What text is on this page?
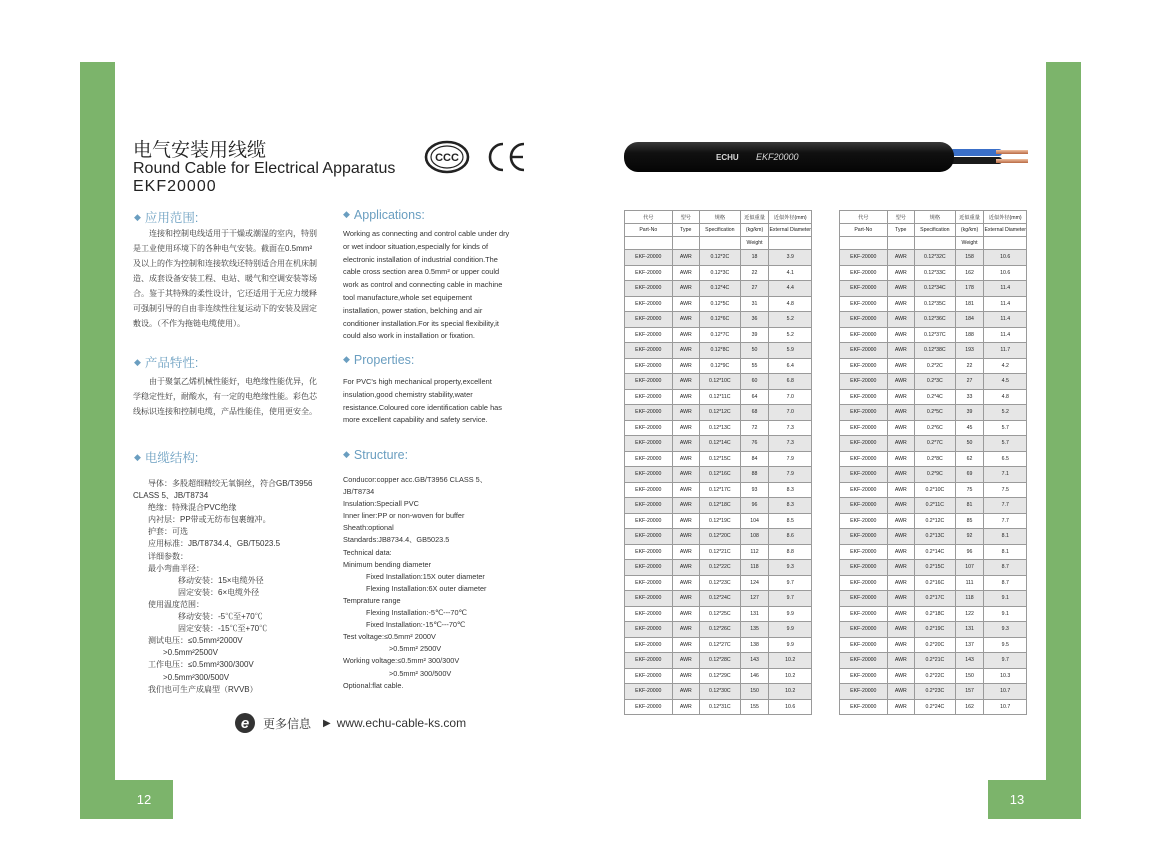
12	13
电气安装用线缆
Round Cable for Electrical Apparatus
EKF20000
CCC
◆ 应用范围:	◆ Applications:
◆ 产品特性:	◆ Properties:
◆ 电缆结构:	◆ Structure:
连接和控制电线适用于干燥或潮湿的室内，特别
是工业使用环境下的各种电气安装。截面在0.5mm²
及以上的作为控制和连接软线还特别适合用在机床制
造、成套设备安装工程、电站、暖气和空调安装等场
合。鉴于其特殊的柔性设计，它还适用于无应力缓释
可强制引导的自由非连续性往复运动下的安装及固定
敷设。（不作为拖链电缆使用）。
Working as connecting and control cable under dry
or wet indoor situation,especially for kinds of
electronic installation of industrial condition.The
cable cross section area 0.5mm² or upper could
work as control and connecting cable in machine
tool manufacture,whole set equipement
installation, power station, belching and air
conditioner installation.For its special flexibility,it
could also work in installation or fixation.
由于聚氯乙烯机械性能好，电绝缘性能优异，化
学稳定性好，耐酸水，有一定的电绝缘性能。彩色芯
线标识连接和控制电缆，产品性能佳，使用更安全。
For PVC's high mechanical property,excellent
insulation,good chemistry stability,water
resistance.Coloured core identification cable has
more excellent capability and safety service.
导体：多股超细精绞无氧铜丝，符合GB/T3956
CLASS 5、JB/T8734
绝缘：特殊混合PVC绝缘
内衬层：PP带或无纺布包裹缠冲。
护套：可选
应用标准：JB/T8734.4、GB/T5023.5
详细参数：
最小弯曲半径：
移动安装：15×电缆外径
固定安装：6×电缆外径
使用温度范围：
移动安装：-5℃至+70℃
固定安装：-15℃至+70℃
测试电压：≤0.5mm²2000V
>0.5mm²2500V
工作电压：≤0.5mm²300/300V
>0.5mm²300/500V
我们也可生产成扁型（RVVB）
Conducor:copper acc.GB/T3956 CLASS 5、
JB/T8734
Insulation:Speciall PVC
Inner liner:PP or non-woven for buffer
Sheath:optional
Standards:JB8734.4、GB5023.5
Technical data:
Minimum bending diameter
Fixed Installation:15X outer diameter
Flexing Installation:6X outer diameter
Temprature range
Flexing Installation:-5℃---70℃
Fixed Installation:-15℃---70℃
Test voltage:≤0.5mm² 2000V
>0.5mm² 2500V
Working voltage:≤0.5mm² 300/300V
>0.5mm² 300/500V
Optional:flat cable.
e 更多信息 ▶ www.echu-cable-ks.com
ECHU EKF20000
代号	型号	规格	近似重量	近似外径(mm)
Part-No	Type	Specification	(kg/km)	External Diameter
			Weight	
EKF-20000	AWR	0.12*2C	18	3.9
EKF-20000	AWR	0.12*3C	22	4.1
EKF-20000	AWR	0.12*4C	27	4.4
EKF-20000	AWR	0.12*5C	31	4.8
EKF-20000	AWR	0.12*6C	36	5.2
EKF-20000	AWR	0.12*7C	39	5.2
EKF-20000	AWR	0.12*8C	50	5.9
EKF-20000	AWR	0.12*9C	55	6.4
EKF-20000	AWR	0.12*10C	60	6.8
EKF-20000	AWR	0.12*11C	64	7.0
EKF-20000	AWR	0.12*12C	68	7.0
EKF-20000	AWR	0.12*13C	72	7.3
EKF-20000	AWR	0.12*14C	76	7.3
EKF-20000	AWR	0.12*15C	84	7.9
EKF-20000	AWR	0.12*16C	88	7.9
EKF-20000	AWR	0.12*17C	93	8.3
EKF-20000	AWR	0.12*18C	96	8.3
EKF-20000	AWR	0.12*19C	104	8.5
EKF-20000	AWR	0.12*20C	108	8.6
EKF-20000	AWR	0.12*21C	112	8.8
EKF-20000	AWR	0.12*22C	118	9.3
EKF-20000	AWR	0.12*23C	124	9.7
EKF-20000	AWR	0.12*24C	127	9.7
EKF-20000	AWR	0.12*25C	131	9.9
EKF-20000	AWR	0.12*26C	135	9.9
EKF-20000	AWR	0.12*27C	138	9.9
EKF-20000	AWR	0.12*28C	143	10.2
EKF-20000	AWR	0.12*29C	146	10.2
EKF-20000	AWR	0.12*30C	150	10.2
EKF-20000	AWR	0.12*31C	155	10.6
代号	型号	规格	近似重量	近似外径(mm)
Part-No	Type	Specification	(kg/km)	External Diameter
			Weight	
EKF-20000	AWR	0.12*32C	158	10.6
EKF-20000	AWR	0.12*33C	162	10.6
EKF-20000	AWR	0.12*34C	178	11.4
EKF-20000	AWR	0.12*35C	181	11.4
EKF-20000	AWR	0.12*36C	184	11.4
EKF-20000	AWR	0.12*37C	188	11.4
EKF-20000	AWR	0.12*38C	193	11.7
EKF-20000	AWR	0.2*2C	22	4.2
EKF-20000	AWR	0.2*3C	27	4.5
EKF-20000	AWR	0.2*4C	33	4.8
EKF-20000	AWR	0.2*5C	39	5.2
EKF-20000	AWR	0.2*6C	45	5.7
EKF-20000	AWR	0.2*7C	50	5.7
EKF-20000	AWR	0.2*8C	62	6.5
EKF-20000	AWR	0.2*9C	69	7.1
EKF-20000	AWR	0.2*10C	75	7.5
EKF-20000	AWR	0.2*11C	81	7.7
EKF-20000	AWR	0.2*12C	85	7.7
EKF-20000	AWR	0.2*13C	92	8.1
EKF-20000	AWR	0.2*14C	96	8.1
EKF-20000	AWR	0.2*15C	107	8.7
EKF-20000	AWR	0.2*16C	111	8.7
EKF-20000	AWR	0.2*17C	118	9.1
EKF-20000	AWR	0.2*18C	122	9.1
EKF-20000	AWR	0.2*19C	131	9.3
EKF-20000	AWR	0.2*20C	137	9.5
EKF-20000	AWR	0.2*21C	143	9.7
EKF-20000	AWR	0.2*22C	150	10.3
EKF-20000	AWR	0.2*23C	157	10.7
EKF-20000	AWR	0.2*24C	162	10.7
